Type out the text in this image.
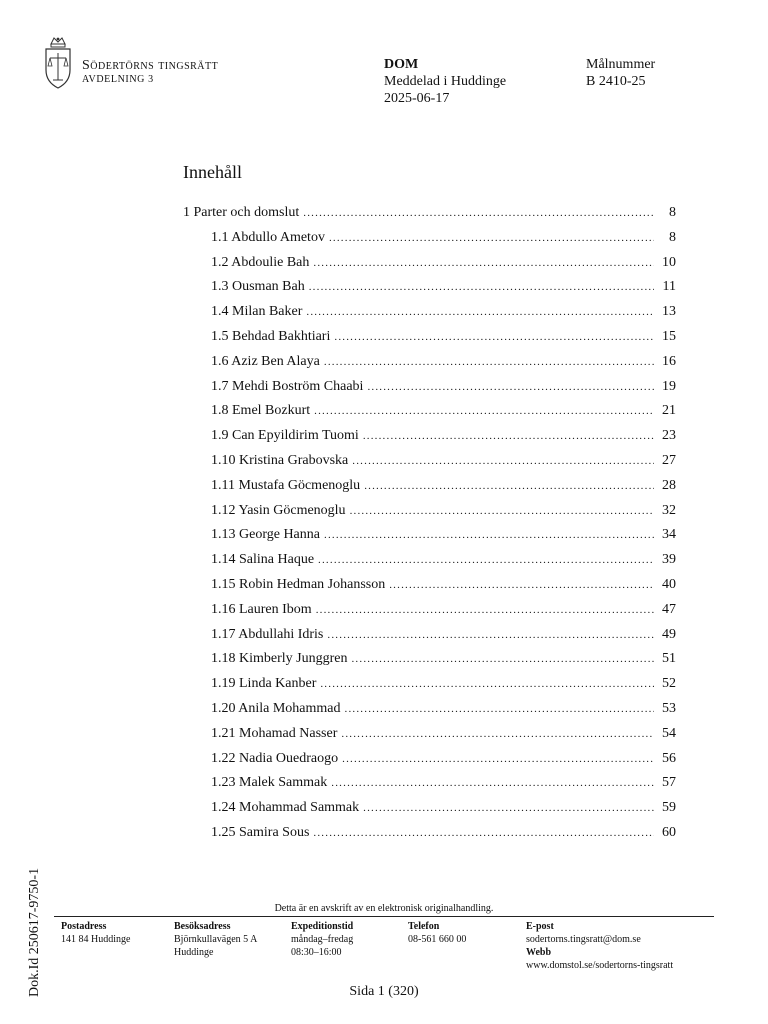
Södertörns tingsrätt
AVDELNING 3
DOM
Meddelad i Huddinge
2025-06-17
Målnummer
B 2410-25
Innehåll
1 Parter och domslut .....	8
1.1 Abdullo Ametov .....	8
1.2 Abdoulie Bah .....	10
1.3 Ousman Bah .....	11
1.4 Milan Baker .....	13
1.5 Behdad Bakhtiari .....	15
1.6 Aziz Ben Alaya .....	16
1.7 Mehdi Boström Chaabi .....	19
1.8 Emel Bozkurt .....	21
1.9 Can Epyildirim Tuomi .....	23
1.10 Kristina Grabovska .....	27
1.11 Mustafa Göcmenoglu .....	28
1.12 Yasin Göcmenoglu .....	32
1.13 George Hanna .....	34
1.14 Salina Haque .....	39
1.15 Robin Hedman Johansson .....	40
1.16 Lauren Ibom .....	47
1.17 Abdullahi Idris .....	49
1.18 Kimberly Junggren .....	51
1.19 Linda Kanber .....	52
1.20 Anila Mohammad .....	53
1.21 Mohamad Nasser .....	54
1.22 Nadia Ouedraogo .....	56
1.23 Malek Sammak .....	57
1.24 Mohammad Sammak .....	59
1.25 Samira Sous .....	60
Dok.Id 250617-9750-1	Detta är en avskrift av en elektronisk originalhandling.
Postadress
141 84 Huddinge
Besöksadress
Björnkullavägen 5 A
Huddinge
Expeditionstid
måndag–fredag
08:30–16:00
Telefon
08-561 660 00
E-post
sodertorns.tingsratt@dom.se
Webb
www.domstol.se/sodertorns-tingsratt
Sida 1 (320)
